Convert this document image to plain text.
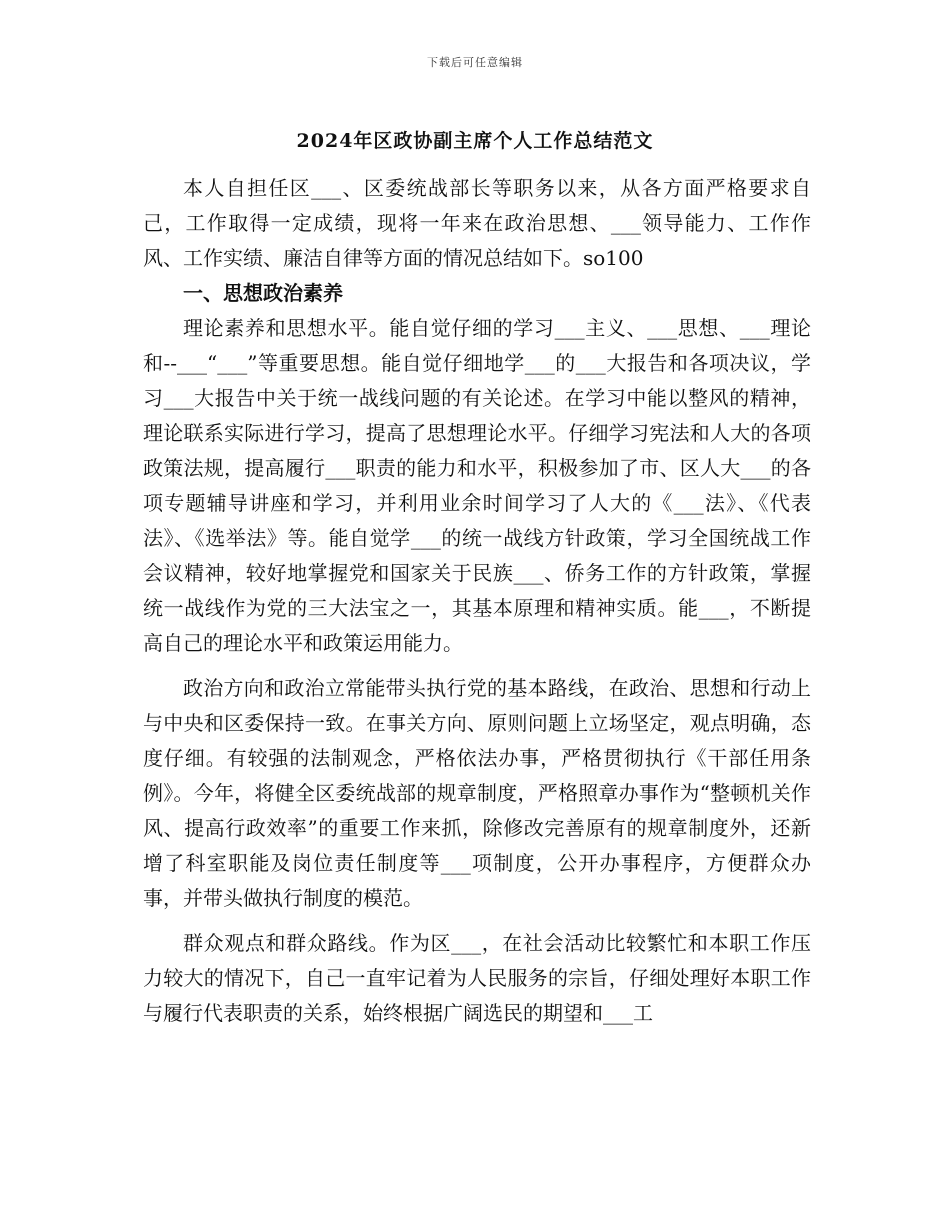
下载后可任意编辑
2024年区政协副主席个人工作总结范文

本人自担任区___、区委统战部长等职务以来，从各方面严格要求自己，工作取得一定成绩，现将一年来在政治思想、___领导能力、工作作风、工作实绩、廉洁自律等方面的情况总结如下。so100

一、思想政治素养

理论素养和思想水平。能自觉仔细的学习___主义、___思想、___理论和--___“___”等重要思想。能自觉仔细地学___的___大报告和各项决议，学习___大报告中关于统一战线问题的有关论述。在学习中能以整风的精神，理论联系实际进行学习，提高了思想理论水平。仔细学习宪法和人大的各项政策法规，提高履行___职责的能力和水平，积极参加了市、区人大___的各项专题辅导讲座和学习，并利用业余时间学习了人大的《___法》、《代表法》、《选举法》等。能自觉学___的统一战线方针政策，学习全国统战工作会议精神，较好地掌握党和国家关于民族___、侨务工作的方针政策，掌握统一战线作为党的三大法宝之一，其基本原理和精神实质。能___，不断提高自己的理论水平和政策运用能力。

政治方向和政治立常能带头执行党的基本路线，在政治、思想和行动上与中央和区委保持一致。在事关方向、原则问题上立场坚定，观点明确，态度仔细。有较强的法制观念，严格依法办事，严格贯彻执行《干部任用条例》。今年，将健全区委统战部的规章制度，严格照章办事作为“整顿机关作风、提高行政效率”的重要工作来抓，除修改完善原有的规章制度外，还新增了科室职能及岗位责任制度等___项制度，公开办事程序，方便群众办事，并带头做执行制度的模范。

群众观点和群众路线。作为区___，在社会活动比较繁忙和本职工作压力较大的情况下，自己一直牢记着为人民服务的宗旨，仔细处理好本职工作与履行代表职责的关系，始终根据广阔选民的期望和___工
